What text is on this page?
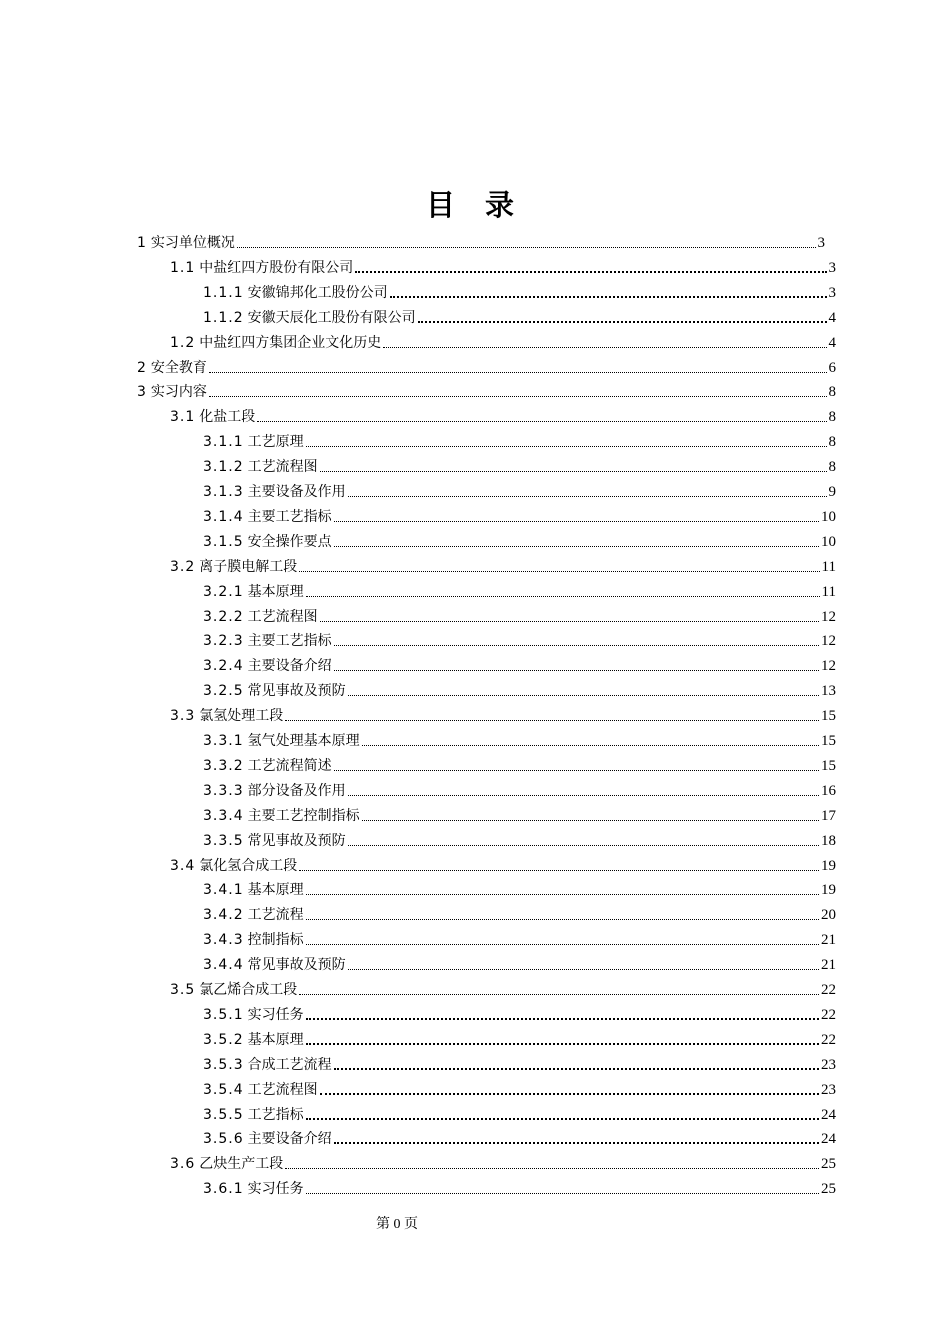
目 录
1 实习单位概况	3
1.1 中盐红四方股份有限公司	3
1.1.1 安徽锦邦化工股份公司	3
1.1.2 安徽天辰化工股份有限公司	4
1.2 中盐红四方集团企业文化历史	4
2 安全教育	6
3 实习内容	8
3.1 化盐工段	8
3.1.1 工艺原理	8
3.1.2 工艺流程图	8
3.1.3 主要设备及作用	9
3.1.4 主要工艺指标	10
3.1.5 安全操作要点	10
3.2 离子膜电解工段	11
3.2.1 基本原理	11
3.2.2 工艺流程图	12
3.2.3 主要工艺指标	12
3.2.4 主要设备介绍	12
3.2.5 常见事故及预防	13
3.3 氯氢处理工段	15
3.3.1 氢气处理基本原理	15
3.3.2 工艺流程简述	15
3.3.3 部分设备及作用	16
3.3.4 主要工艺控制指标	17
3.3.5 常见事故及预防	18
3.4 氯化氢合成工段	19
3.4.1 基本原理	19
3.4.2 工艺流程	20
3.4.3 控制指标	21
3.4.4 常见事故及预防	21
3.5 氯乙烯合成工段	22
3.5.1 实习任务	22
3.5.2 基本原理	22
3.5.3 合成工艺流程	23
3.5.4 工艺流程图	23
3.5.5 工艺指标	24
3.5.6 主要设备介绍	24
3.6 乙炔生产工段	25
3.6.1 实习任务	25
第 0 页
